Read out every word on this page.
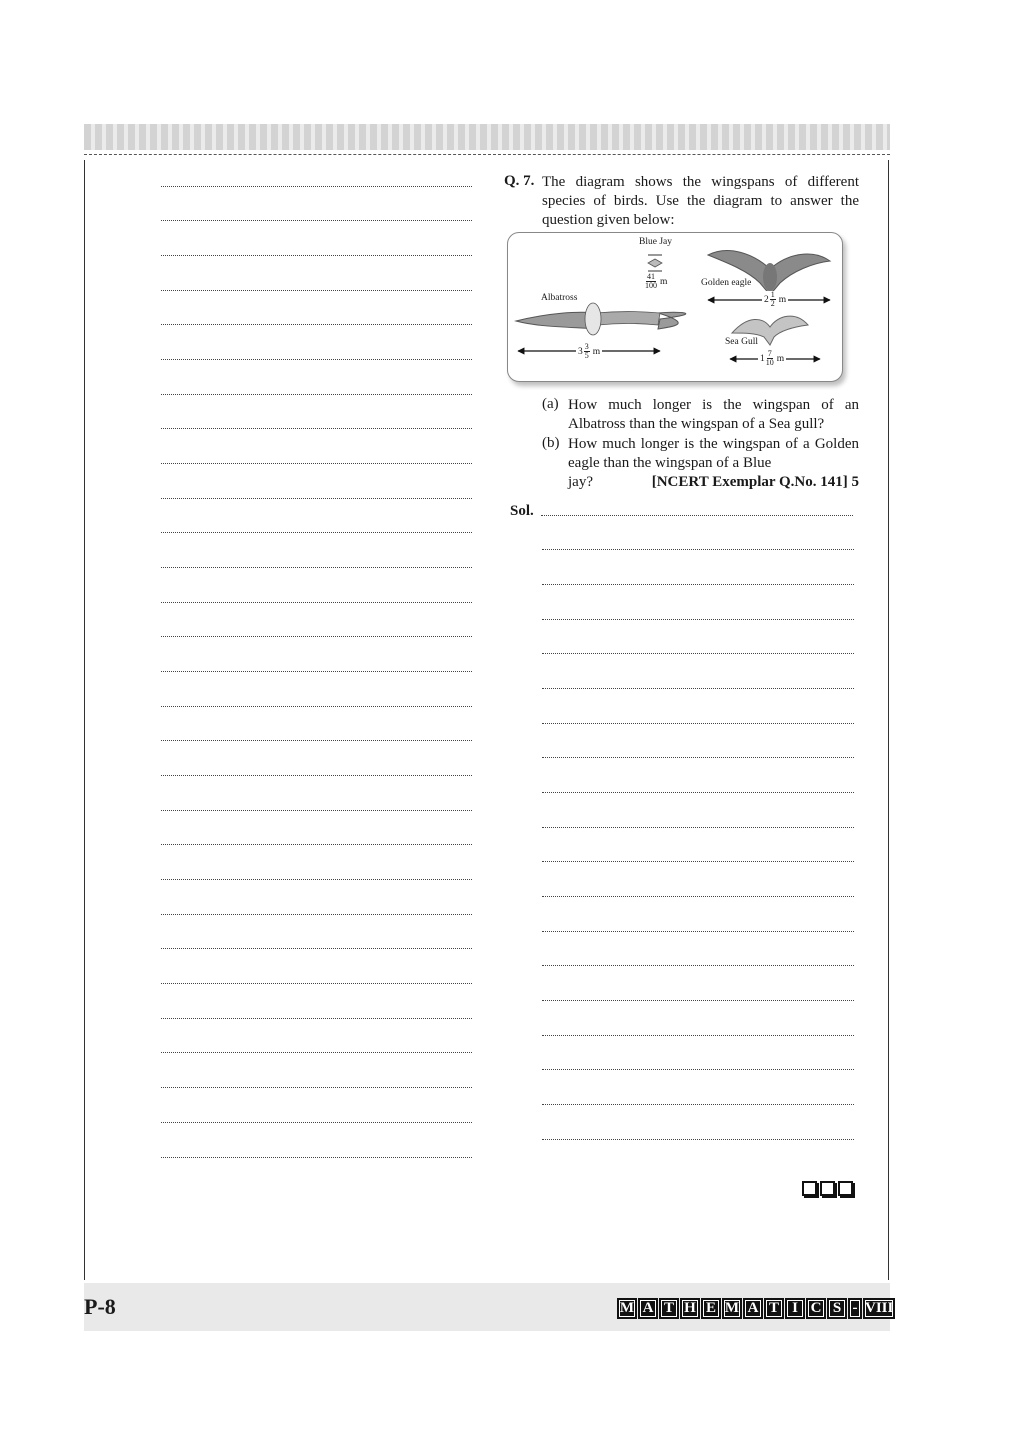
Q. 7. The diagram shows the wingspans of different species of birds. Use the diagram to answer the question given below:
Blue Jay
$\frac{41}{100}$ m	Golden eagle
$2 \frac{1}{2}$ m
Albatross
$3 \frac{3}{5}$ m
Sea Gull
$1 \frac{7}{10}$ m
(a) How much longer is the wingspan of an Albatross than the wingspan of a Sea gull?
(b) How much longer is the wingspan of a Golden eagle than the wingspan of a Blue
jay?	[NCERT Exemplar Q.No. 141] 5
Sol.
P-8	M A T H E M A T I C S - VIII
